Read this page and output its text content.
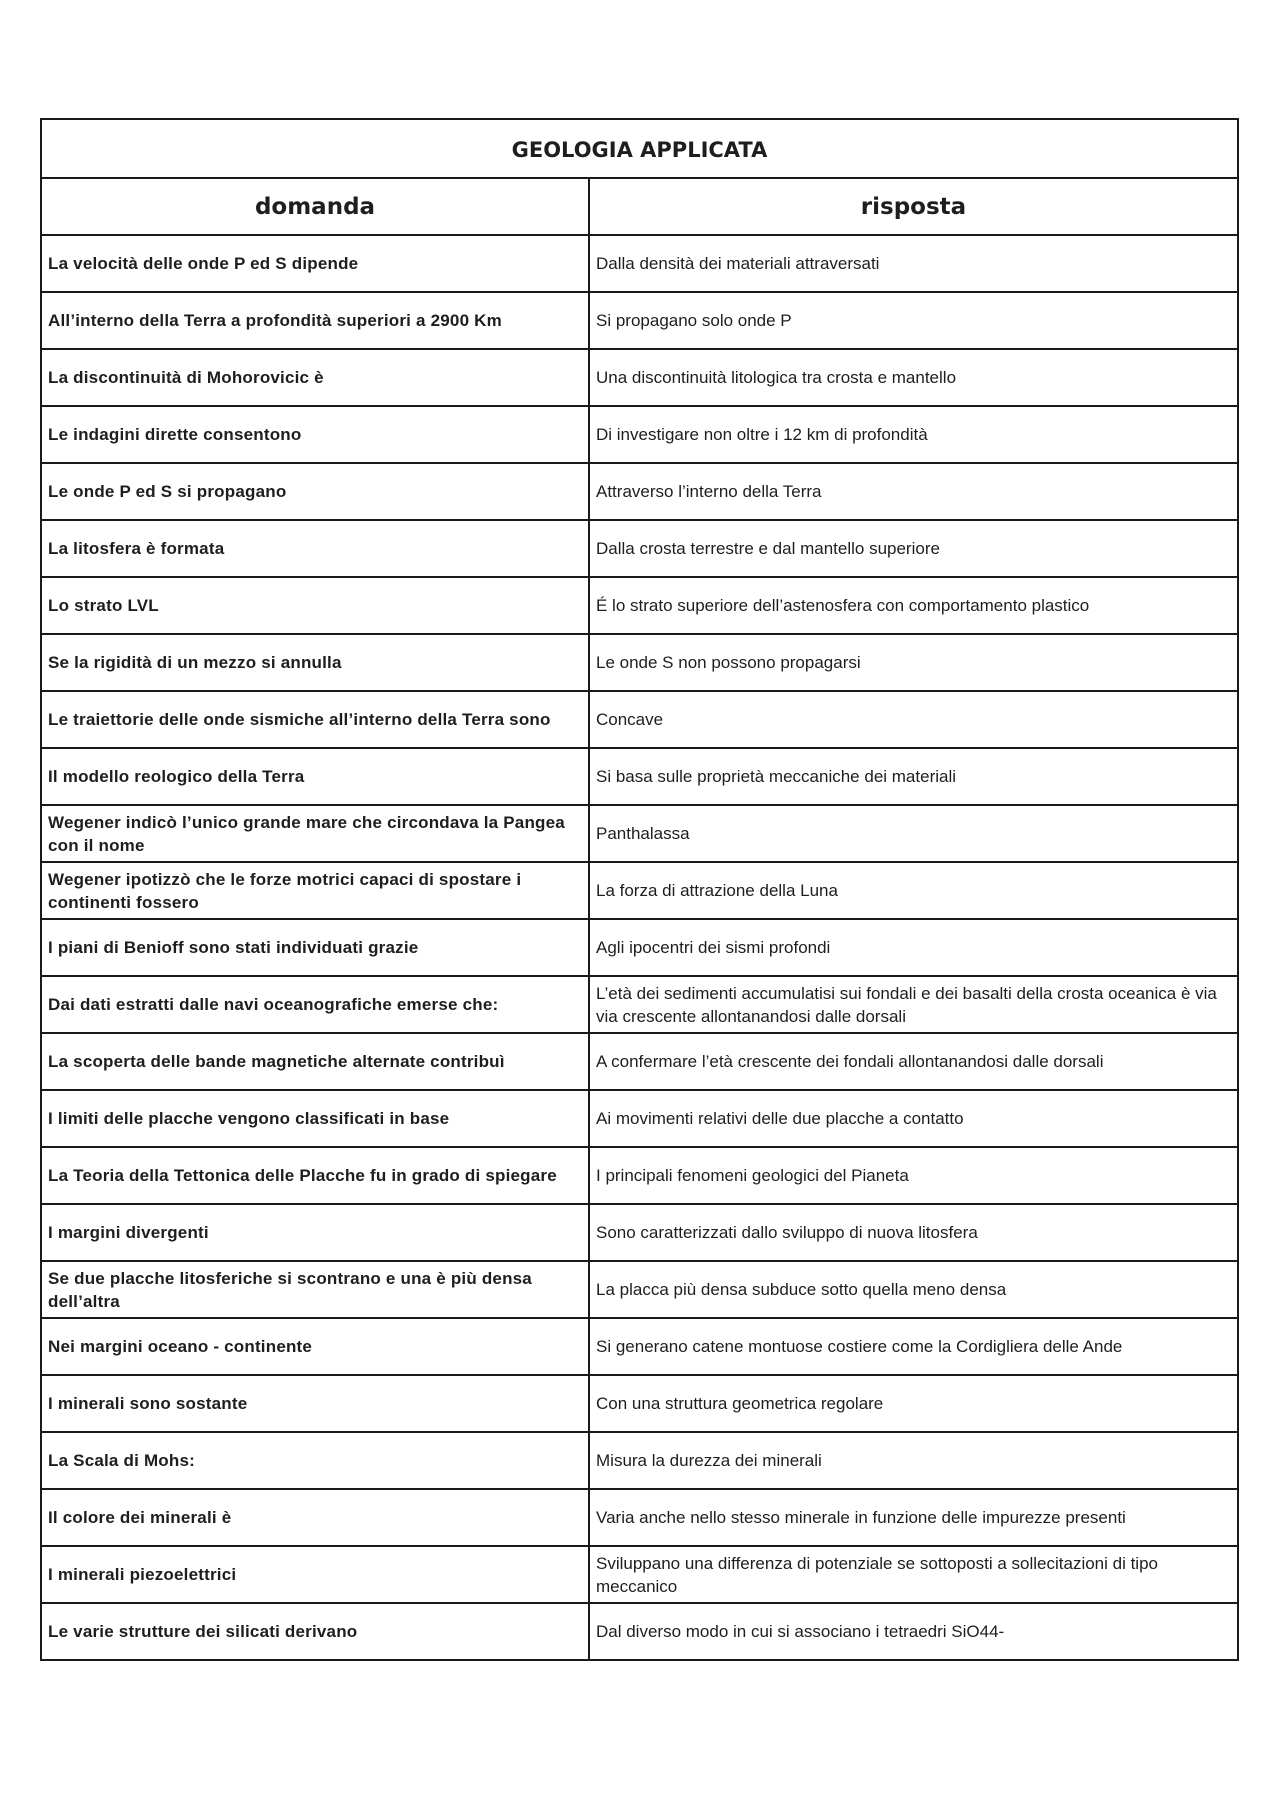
GEOLOGIA APPLICATA	
domanda	risposta
La velocità delle onde P ed S dipende	Dalla densità dei materiali attraversati
All’interno della Terra a profondità superiori a 2900 Km	Si propagano solo onde P
La discontinuità di Mohorovicic è	Una discontinuità litologica tra crosta e mantello
Le indagini dirette consentono	Di investigare non oltre i 12 km di profondità
Le onde P ed S si propagano	Attraverso l’interno della Terra
La litosfera è formata	Dalla crosta terrestre e dal mantello superiore
Lo strato LVL	É lo strato superiore dell’astenosfera con comportamento plastico
Se la rigidità di un mezzo si annulla	Le onde S non possono propagarsi
Le traiettorie delle onde sismiche all’interno della Terra sono	Concave
Il modello reologico della Terra	Si basa sulle proprietà meccaniche dei materiali
Wegener indicò l’unico grande mare che circondava la Pangea con il nome	Panthalassa
Wegener ipotizzò che le forze motrici capaci di spostare i continenti fossero	La forza di attrazione della Luna
I piani di Benioff sono stati individuati grazie	Agli ipocentri dei sismi profondi
Dai dati estratti dalle navi oceanografiche emerse che:	L’età dei sedimenti accumulatisi sui fondali e dei basalti della crosta oceanica è via via crescente allontanandosi dalle dorsali
La scoperta delle bande magnetiche alternate contribuì	A confermare l’età crescente dei fondali allontanandosi dalle dorsali
I limiti delle placche vengono classificati in base	Ai movimenti relativi delle due placche a contatto
La Teoria della Tettonica delle Placche fu in grado di spiegare	I principali fenomeni geologici del Pianeta
I margini divergenti	Sono caratterizzati dallo sviluppo di nuova litosfera
Se due placche litosferiche si scontrano e una è più densa dell’altra	La placca più densa subduce sotto quella meno densa
Nei margini oceano - continente	Si generano catene montuose costiere come la Cordigliera delle Ande
I minerali sono sostante	Con una struttura geometrica regolare
La Scala di Mohs:	Misura la durezza dei minerali
Il colore dei minerali è	Varia anche nello stesso minerale in funzione delle impurezze presenti
I minerali piezoelettrici	Sviluppano una differenza di potenziale se sottoposti a sollecitazioni di tipo meccanico
Le varie strutture dei silicati derivano	Dal diverso modo in cui si associano i tetraedri SiO44-
